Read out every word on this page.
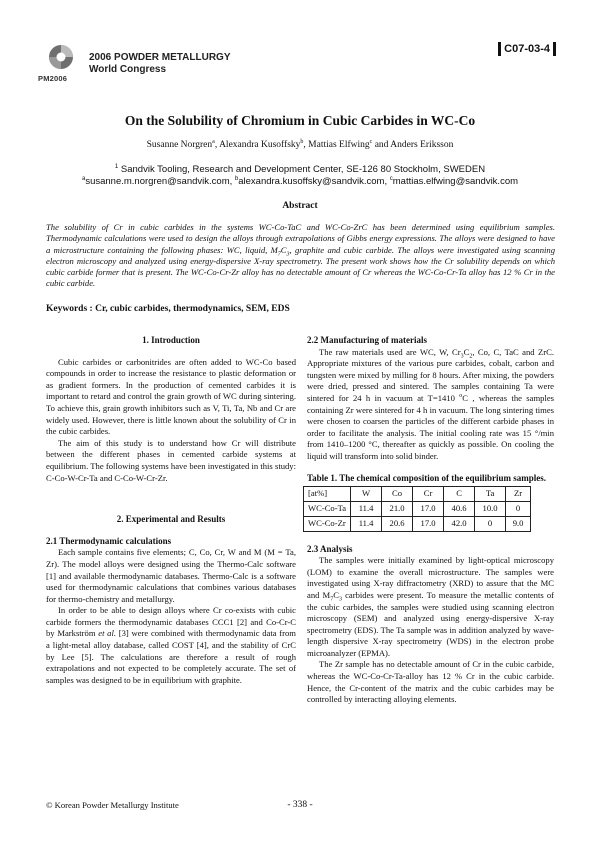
PM2006
2006 POWDER METALLURGY
World Congress
C07-03-4
On the Solubility of Chromium in Cubic Carbides in WC-Co
Susanne Norgren$^a$, Alexandra Kusoffsky$^b$, Mattias Elfwing$^c$ and Anders Eriksson
$^1$ Sandvik Tooling, Research and Development Center, SE-126 80 Stockholm, SWEDEN
$^a$susanne.m.norgren@sandvik.com, $^b$alexandra.kusoffsky@sandvik.com, $^c$mattias.elfwing@sandvik.com
Abstract

The solubility of Cr in cubic carbides in the systems WC-Co-TaC and WC-Co-ZrC has been determined using equilibrium samples. Thermodynamic calculations were used to design the alloys through extrapolations of Gibbs energy expressions. The alloys were designed to have a microstructure containing the following phases: WC, liquid, $M_7C_3$, graphite and cubic carbide. The alloys were investigated using scanning electron microscopy and analyzed using energy-dispersive X-ray spectrometry. The present work shows how the Cr solubility depends on which cubic carbide former that is present. The WC-Co-Cr-Zr alloy has no detectable amount of Cr whereas the WC-Co-Cr-Ta alloy has 12 % Cr in the cubic carbide.

Keywords : Cr, cubic carbides, thermodynamics, SEM, EDS
1. Introduction

Cubic carbides or carbonitrides are often added to WC-Co based compounds in order to increase the resistance to plastic deformation or as gradient formers. In the production of cemented carbides it is important to retard and control the grain growth of WC during sintering. To achieve this, grain growth inhibitors such as V, Ti, Ta, Nb and Cr are widely used. However, there is little known about the solubility of Cr in the cubic carbides.

The aim of this study is to understand how Cr will distribute between the different phases in cemented carbide systems at equilibrium. The following systems have been investigated in this study: C-Co-W-Cr-Ta and C-Co-W-Cr-Zr.

2. Experimental and Results
2.1 Thermodynamic calculations

Each sample contains five elements; C, Co, Cr, W and M (M = Ta, Zr). The model alloys were designed using the Thermo-Calc software [1] and available thermodynamic databases. Thermo-Calc is a software used for thermodynamic calculations that combines various databases for thermo-chemistry and metallurgy.

In order to be able to design alloys where Cr co-exists with cubic carbide formers the thermodynamic databases CCC1 [2] and Co-Cr-C by Markström et al. [3] were combined with thermodynamic data from a light-metal alloy database, called COST [4], and the stability of CrC by Lee [5]. The calculations are therefore a result of rough extrapolations and not expected to be completely accurate. The set of samples was designed to be in equilibrium with graphite.

2.2 Manufacturing of materials

The raw materials used are WC, W, $Cr_3C_2$, Co, C, TaC and ZrC. Appropriate mixtures of the various pure carbides, cobalt, carbon and tungsten were mixed by milling for 8 hours. After mixing, the powders were dried, pressed and sintered. The samples containing Ta were sintered for 24 h in vacuum at T=1410 $^o$C , whereas the samples containing Zr were sintered for 4 h in vacuum. The long sintering times were chosen to coarsen the particles of the different carbide phases in order to facilitate the analysis. The initial cooling rate was 15 °/min from 1410–1200 °C, thereafter as quickly as possible. On cooling the liquid will transform into solid binder.

Table 1. The chemical composition of the equilibrium samples.
[at%]	W	Co	Cr	C	Ta	Zr
WC-Co-Ta	11.4	21.0	17.0	40.6	10.0	0
WC-Co-Zr	11.4	20.6	17.0	42.0	0	9.0
2.3 Analysis

The samples were initially examined by light-optical microscopy (LOM) to examine the overall microstructure. The samples were investigated using X-ray diffractometry (XRD) to assure that the MC and $M_7C_3$ carbides were present. To measure the metallic contents of the cubic carbides, the samples were studied using scanning electron microscopy (SEM) and analyzed using energy-dispersive X-ray spectrometry (EDS). The Ta sample was in addition analyzed by wave-length dispersive X-ray spectrometry (WDS) in the electron probe microanalyzer (EPMA).

The Zr sample has no detectable amount of Cr in the cubic carbide, whereas the WC-Co-Cr-Ta-alloy has 12 % Cr in the cubic carbide. Hence, the Cr-content of the matrix and the cubic carbides may be controlled by interacting alloying elements.

© Korean Powder Metallurgy Institute	- 338 -
